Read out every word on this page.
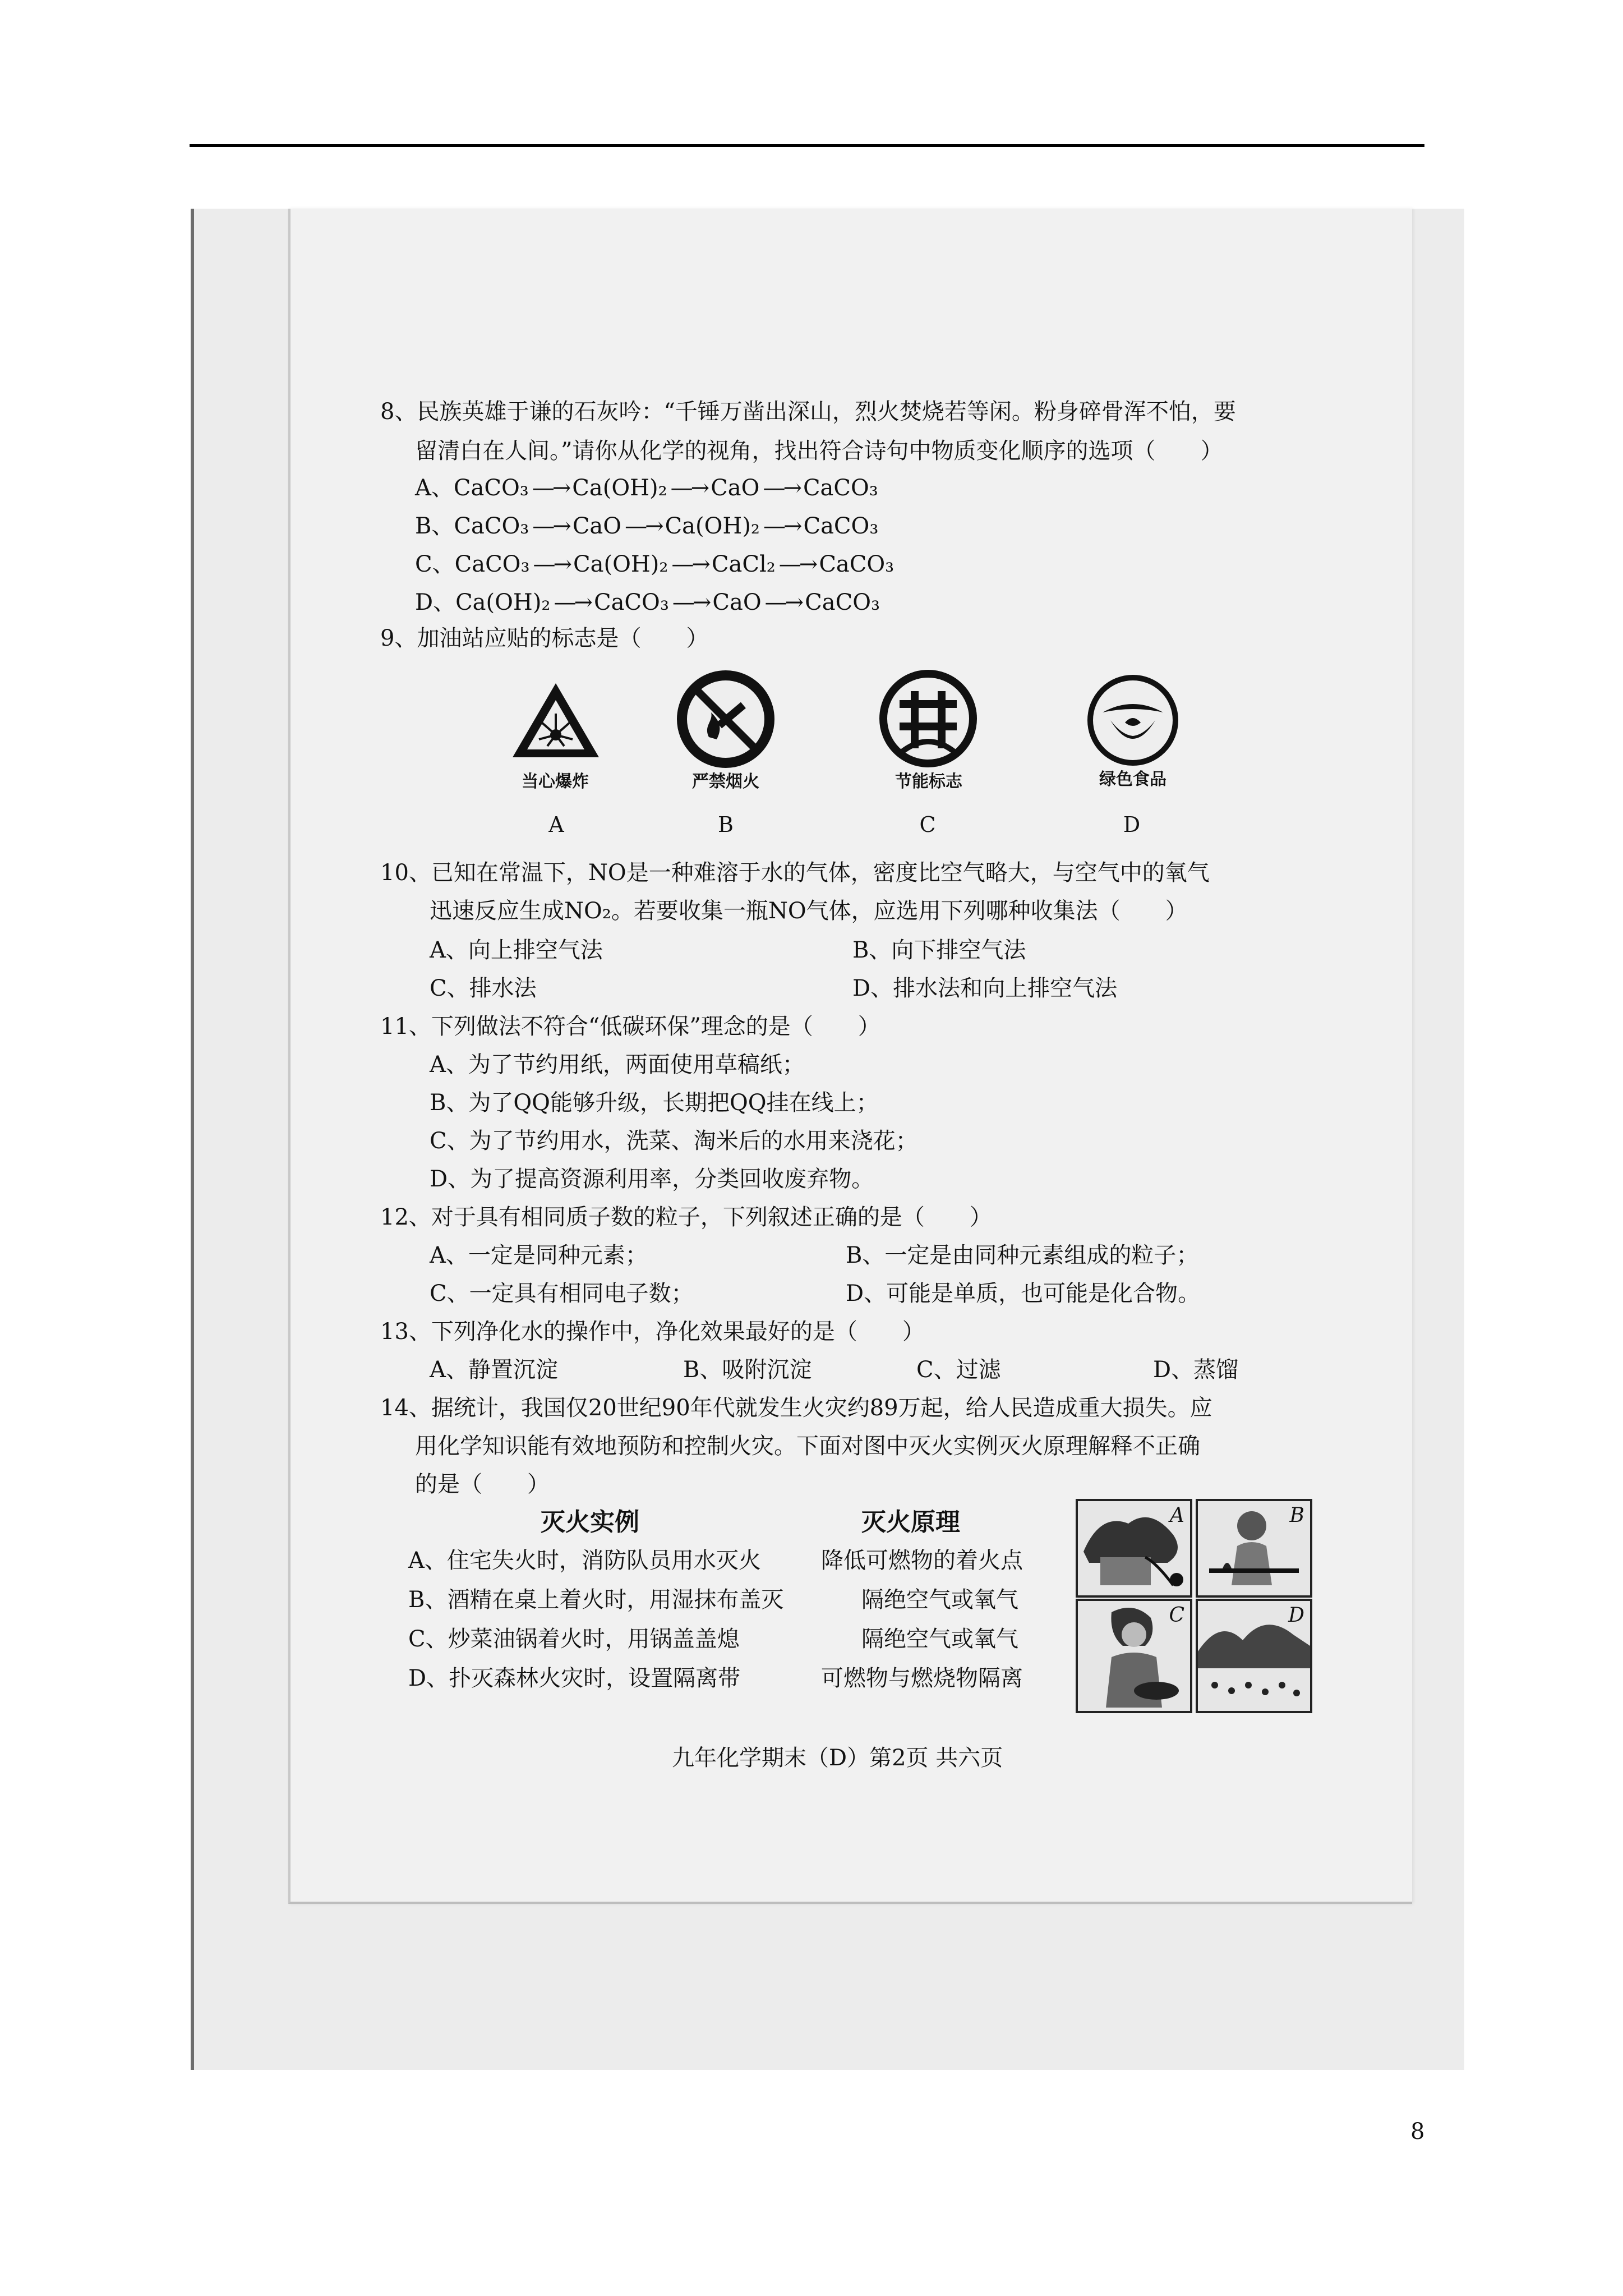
8、民族英雄于谦的石灰吟：“千锤万凿出深山，烈火焚烧若等闲。粉身碎骨浑不怕，要
留清白在人间。”请你从化学的视角，找出符合诗句中物质变化顺序的选项（　　）
A、CaCO₃ —→ Ca(OH)₂ —→ CaO —→ CaCO₃
B、CaCO₃ —→ CaO —→ Ca(OH)₂ —→ CaCO₃
C、CaCO₃ —→ Ca(OH)₂ —→ CaCl₂ —→ CaCO₃
D、Ca(OH)₂ —→ CaCO₃ —→ CaO —→ CaCO₃
9、加油站应贴的标志是（　　）
当心爆炸
A
严禁烟火
B
节能标志
C
绿色食品
D
10、已知在常温下，NO是一种难溶于水的气体，密度比空气略大，与空气中的氧气
迅速反应生成NO₂。若要收集一瓶NO气体，应选用下列哪种收集法（　　）
A、向上排空气法	B、向下排空气法
C、排水法	D、排水法和向上排空气法
11、下列做法不符合“低碳环保”理念的是（　　）
A、为了节约用纸，两面使用草稿纸；
B、为了QQ能够升级，长期把QQ挂在线上；
C、为了节约用水，洗菜、淘米后的水用来浇花；
D、为了提高资源利用率，分类回收废弃物。
12、对于具有相同质子数的粒子，下列叙述正确的是（　　）
A、一定是同种元素；	B、一定是由同种元素组成的粒子；
C、一定具有相同电子数；	D、可能是单质，也可能是化合物。
13、下列净化水的操作中，净化效果最好的是（　　）
A、静置沉淀	B、吸附沉淀	C、过滤	D、蒸馏
14、据统计，我国仅20世纪90年代就发生火灾约89万起，给人民造成重大损失。应
用化学知识能有效地预防和控制火灾。下面对图中灭火实例灭火原理解释不正确
的是（　　）
灭火实例	灭火原理
A、住宅失火时，消防队员用水灭火	降低可燃物的着火点
B、酒精在桌上着火时，用湿抹布盖灭	隔绝空气或氧气
C、炒菜油锅着火时，用锅盖盖熄	隔绝空气或氧气
D、扑灭森林火灾时，设置隔离带	可燃物与燃烧物隔离
A	B
C	D
九年化学期末（D）第2页 共六页
8
